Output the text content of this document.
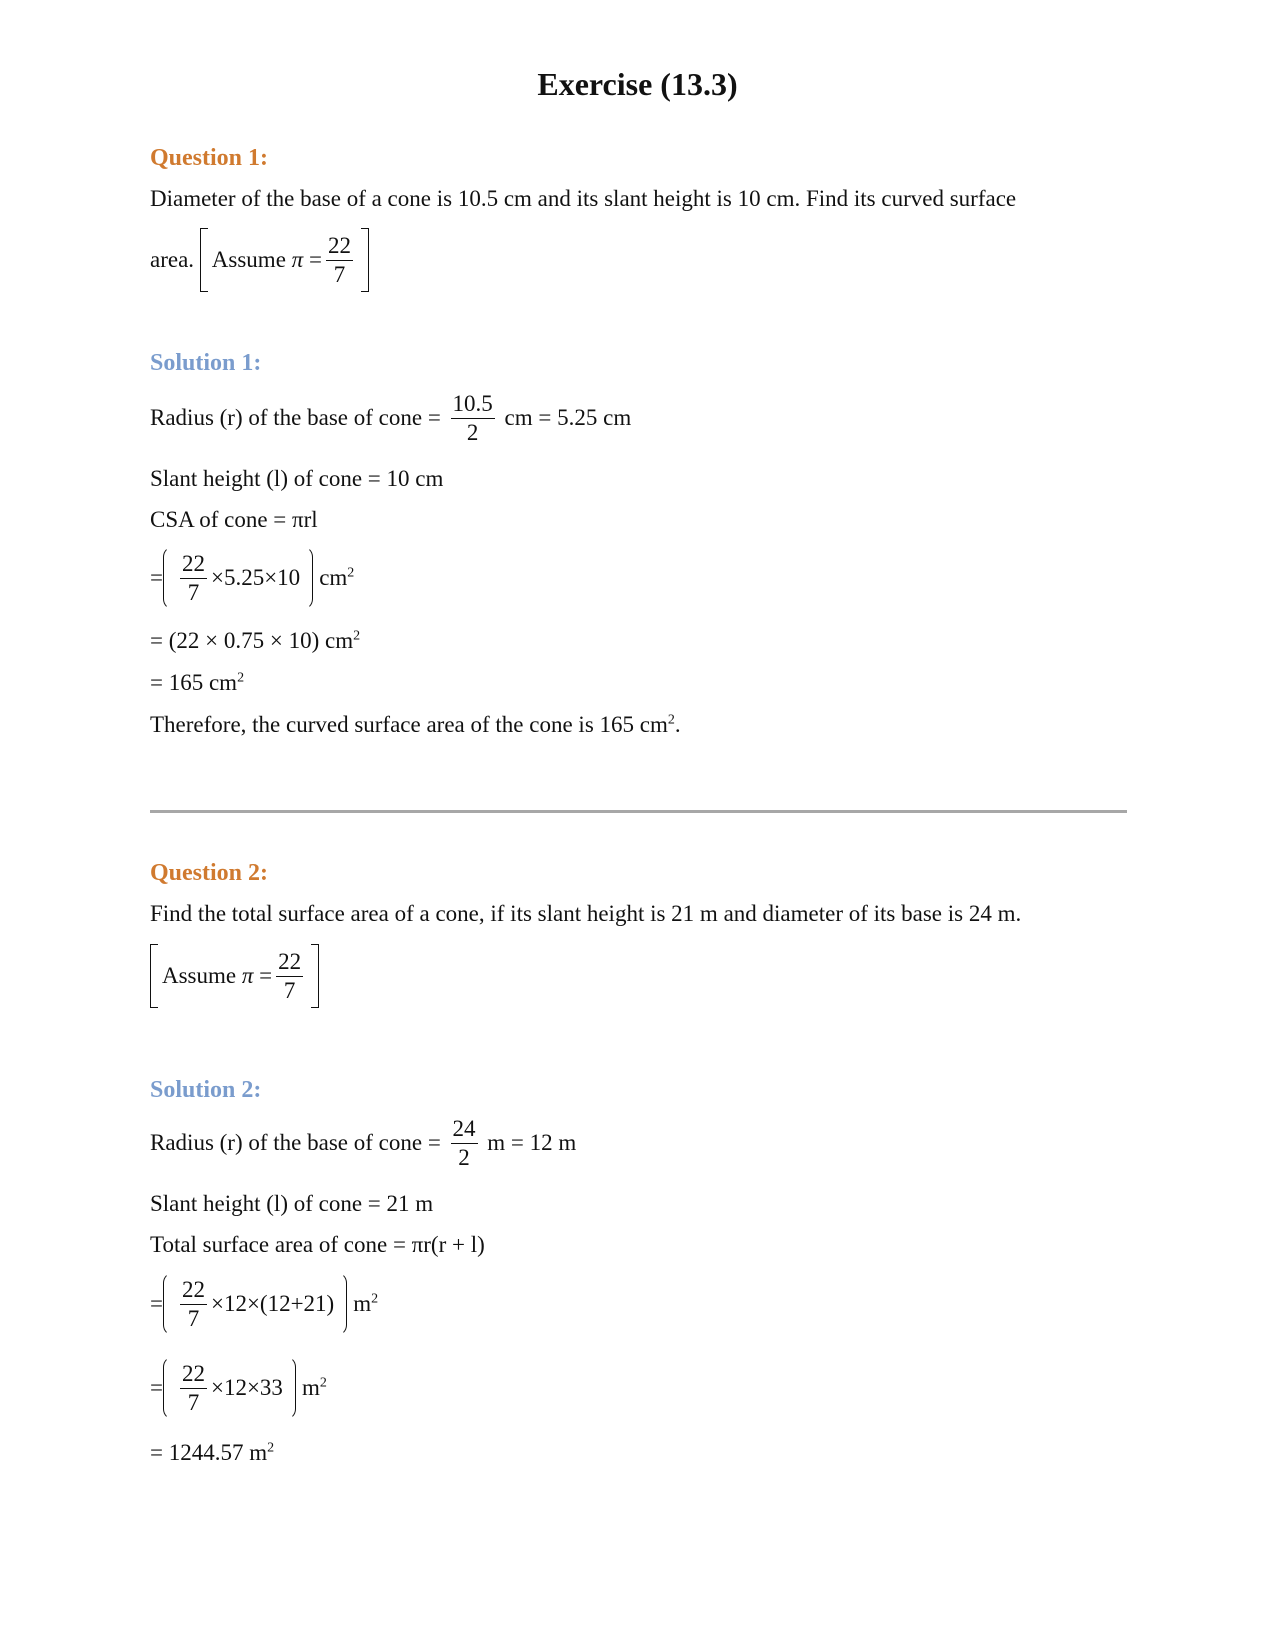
Exercise (13.3)
Question 1:
Diameter of the base of a cone is 10.5 cm and its slant height is 10 cm. Find its curved surface
area. Assume $\pi = \frac{22}{7}$
Solution 1:
Radius (r) of the base of cone = $\frac{10.5}{2}$ cm = 5.25 cm
Slant height (l) of cone = 10 cm
CSA of cone = πrl
= $\frac{22}{7} \times 5.25\times 10$ $cm^2$
= (22 × 0.75 × 10) $cm^2$
= 165 $cm^2$
Therefore, the curved surface area of the cone is 165 $cm^2$.
Question 2:
Find the total surface area of a cone, if its slant height is 21 m and diameter of its base is 24 m.
Assume $\pi = \frac{22}{7}$
Solution 2:
Radius (r) of the base of cone = $\frac{24}{2}$ m = 12 m
Slant height (l) of cone = 21 m
Total surface area of cone = πr(r + l)
= $\frac{22}{7} \times 12\times(12+21)$ $m^2$
= $\frac{22}{7} \times 12\times 33$ $m^2$
= 1244.57 $m^2$
